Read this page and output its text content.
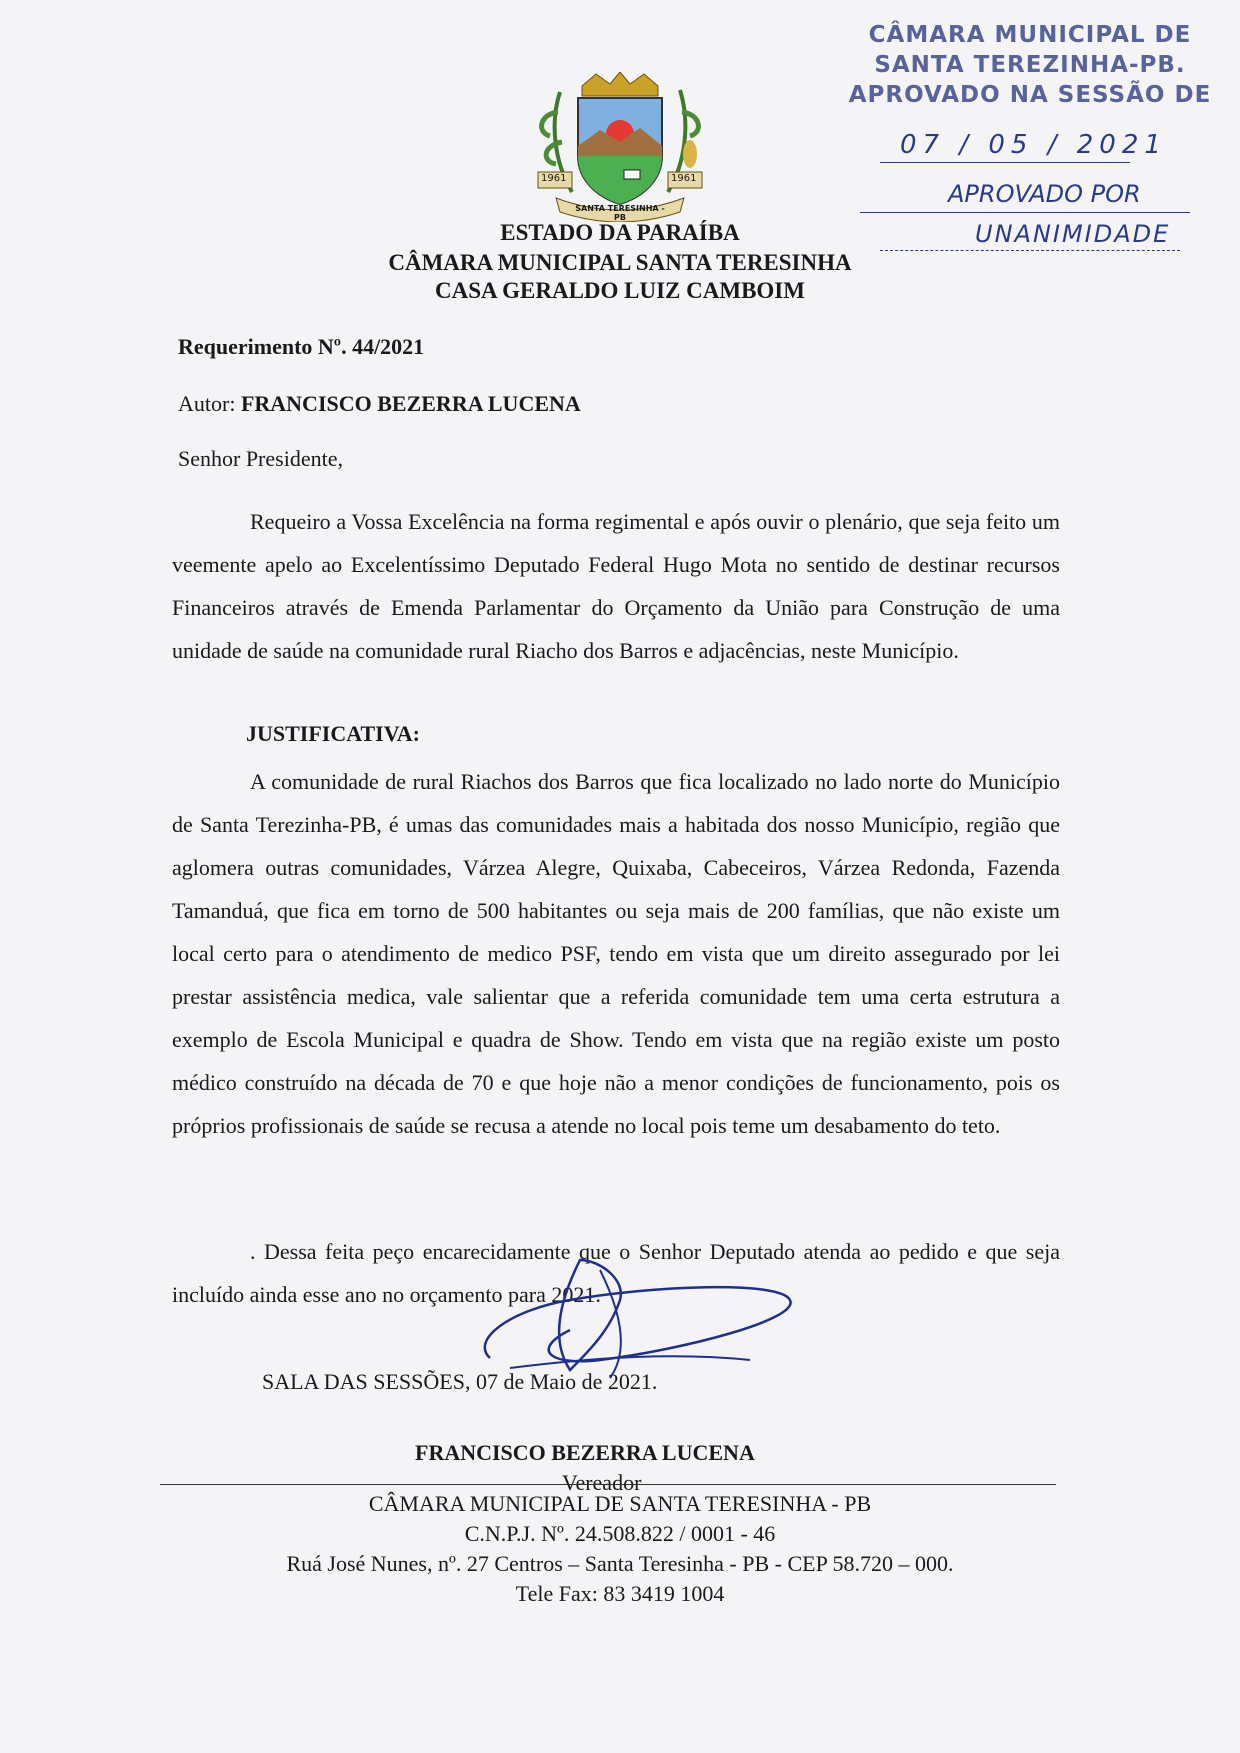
CÂMARA MUNICIPAL DE
SANTA TEREZINHA-PB.
APROVADO NA SESSÃO DE
07 / 05 / 2021
APROVADO POR
UNANIMIDADE
1961	1961
SANTA TERESINHA - PB
ESTADO DA PARAÍBA
CÂMARA MUNICIPAL SANTA TERESINHA
CASA GERALDO LUIZ CAMBOIM
Requerimento Nº. 44/2021
Autor: FRANCISCO BEZERRA LUCENA
Senhor Presidente,
Requeiro a Vossa Excelência na forma regimental e após ouvir o plenário, que seja feito um veemente apelo ao Excelentíssimo Deputado Federal Hugo Mota no sentido de destinar recursos Financeiros através de Emenda Parlamentar do Orçamento da União para Construção de uma unidade de saúde na comunidade rural Riacho dos Barros e adjacências, neste Município.
JUSTIFICATIVA:
A comunidade de rural Riachos dos Barros que fica localizado no lado norte do Município de Santa Terezinha-PB, é umas das comunidades mais a habitada dos nosso Município, região que aglomera outras comunidades, Várzea Alegre, Quixaba, Cabeceiros, Várzea Redonda, Fazenda Tamanduá, que fica em torno de 500 habitantes ou seja mais de 200 famílias, que não existe um local certo para o atendimento de medico PSF, tendo em vista que um direito assegurado por lei prestar assistência medica, vale salientar que a referida comunidade tem uma certa estrutura a exemplo de Escola Municipal e quadra de Show. Tendo em vista que na região existe um posto médico construído na década de 70 e que hoje não a menor condições de funcionamento, pois os próprios profissionais de saúde se recusa a atende no local pois teme um desabamento do teto.
. Dessa feita peço encarecidamente que o Senhor Deputado atenda ao pedido e que seja incluído ainda esse ano no orçamento para 2021.
SALA DAS SESSÕES, 07 de Maio de 2021.
FRANCISCO BEZERRA LUCENA
Vereador
CÂMARA MUNICIPAL DE SANTA TERESINHA - PB
C.N.P.J. Nº. 24.508.822 / 0001 - 46
Ruá José Nunes, nº. 27 Centros – Santa Teresinha - PB - CEP 58.720 – 000.
Tele Fax: 83 3419 1004
